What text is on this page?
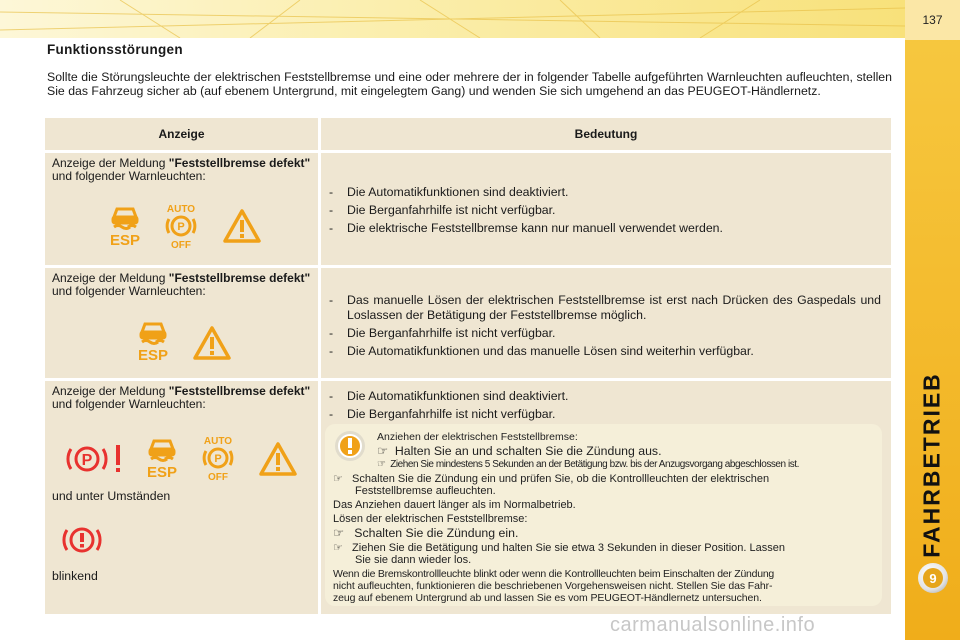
137
FAHRBETRIEB
9
Funktionsstörungen

Sollte die Störungsleuchte der elektrischen Feststellbremse und eine oder mehrere der in folgender Tabelle aufgeführten Warnleuchten aufleuchten, stellen Sie das Fahrzeug sicher ab (auf ebenem Untergrund, mit eingelegtem Gang) und wenden Sie sich umgehend an das PEUGEOT-Händlernetz.

Anzeige	Bedeutung
Anzeige der Meldung "Feststellbremse defekt" und folgender Warnleuchten:
ESP
AUTO
P
OFF
- Die Automatikfunktionen sind deaktiviert.
- Die Berganfahrhilfe ist nicht verfügbar.
- Die elektrische Feststellbremse kann nur manuell verwendet werden.
Anzeige der Meldung "Feststellbremse defekt" und folgender Warnleuchten:
ESP
- Das manuelle Lösen der elektrischen Feststellbremse ist erst nach Drücken des Gaspedals und Loslassen der Betätigung der Feststellbremse möglich.
- Die Berganfahrhilfe ist nicht verfügbar.
- Die Automatikfunktionen und das manuelle Lösen sind weiterhin verfügbar.
Anzeige der Meldung "Feststellbremse defekt" und folgender Warnleuchten:
P
ESP
AUTO
P
OFF
und unter Umständen
blinkend
- Die Automatikfunktionen sind deaktiviert.
- Die Berganfahrhilfe ist nicht verfügbar.

Anziehen der elektrischen Feststellbremse:

☞ Halten Sie an und schalten Sie die Zündung aus.

☞ Ziehen Sie mindestens 5 Sekunden an der Betätigung bzw. bis der Anzugsvorgang abgeschlossen ist.

☞ Schalten Sie die Zündung ein und prüfen Sie, ob die Kontrollleuchten der elektrischen

Feststellbremse aufleuchten.

Das Anziehen dauert länger als im Normalbetrieb.

Lösen der elektrischen Feststellbremse:

☞ Schalten Sie die Zündung ein.

☞ Ziehen Sie die Betätigung und halten Sie sie etwa 3 Sekunden in dieser Position. Lassen

Sie sie dann wieder los.

Wenn die Bremskontrollleuchte blinkt oder wenn die Kontrollleuchten beim Einschalten der Zündung

nicht aufleuchten, funktionieren die beschriebenen Vorgehensweisen nicht. Stellen Sie das Fahr-

zeug auf ebenem Untergrund ab und lassen Sie es vom PEUGEOT-Händlernetz untersuchen.

carmanualsonline.info
